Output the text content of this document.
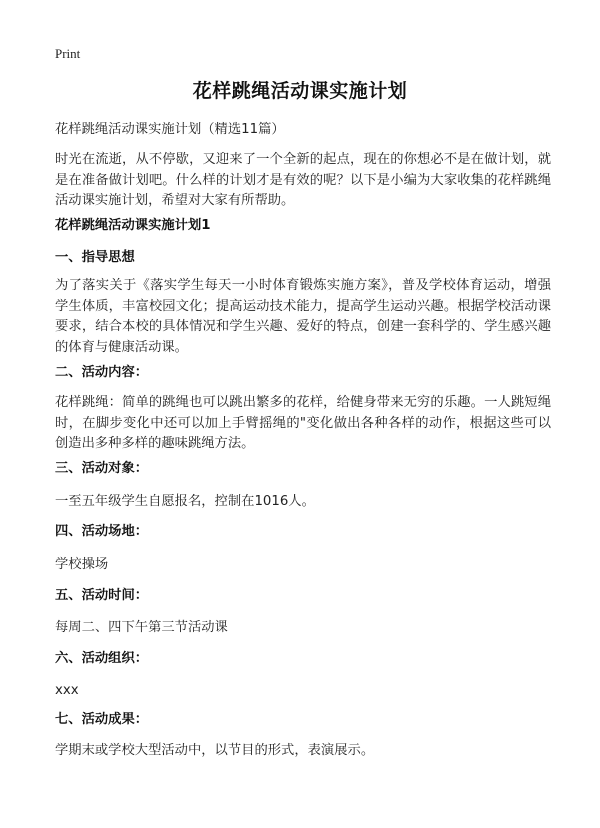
Print
花样跳绳活动课实施计划
花样跳绳活动课实施计划（精选11篇）

时光在流逝，从不停歇，又迎来了一个全新的起点，现在的你想必不是在做计划，就是在准备做计划吧。什么样的计划才是有效的呢？以下是小编为大家收集的花样跳绳活动课实施计划，希望对大家有所帮助。

花样跳绳活动课实施计划1
一、指导思想

为了落实关于《落实学生每天一小时体育锻炼实施方案》，普及学校体育运动，增强学生体质，丰富校园文化；提高运动技术能力，提高学生运动兴趣。根据学校活动课要求，结合本校的具体情况和学生兴趣、爱好的特点，创建一套科学的、学生感兴趣的体育与健康活动课。

二、活动内容：

花样跳绳：简单的跳绳也可以跳出繁多的花样，给健身带来无穷的乐趣。一人跳短绳时，在脚步变化中还可以加上手臂摇绳的"变化做出各种各样的动作，根据这些可以创造出多种多样的趣味跳绳方法。

三、活动对象：

一至五年级学生自愿报名，控制在1016人。

四、活动场地：

学校操场

五、活动时间：

每周二、四下午第三节活动课

六、活动组织：

xxx

七、活动成果：

学期末或学校大型活动中，以节目的形式，表演展示。
